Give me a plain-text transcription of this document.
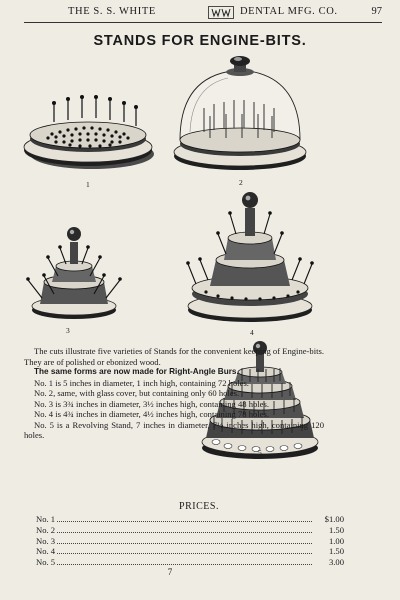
THE S. S. WHITE	DENTAL MFG. CO.	97
STANDS FOR ENGINE-BITS.
1	2
3	4
5

The cuts illustrate five varieties of Stands for the convenient keeping of Engine-bits. They are of polished or ebonized wood.

The same forms are now made for Right-Angle Burs.

No. 1 is 5 inches in diameter, 1 inch high, containing 72 holes.

No. 2, same, with glass cover, but containing only 60 holes.

No. 3 is 3¾ inches in diameter, 3½ inches high, containing 48 holes.

No. 4 is 4¾ inches in diameter, 4½ inches high, containing 78 holes.

No. 5 is a Revolving Stand, 7 inches in diameter, 7½ inches high, containing 120 holes.

PRICES.
No. 1	$1.00
No. 2	1.50
No. 3	1.00
No. 4	1.50
No. 5	3.00
7
